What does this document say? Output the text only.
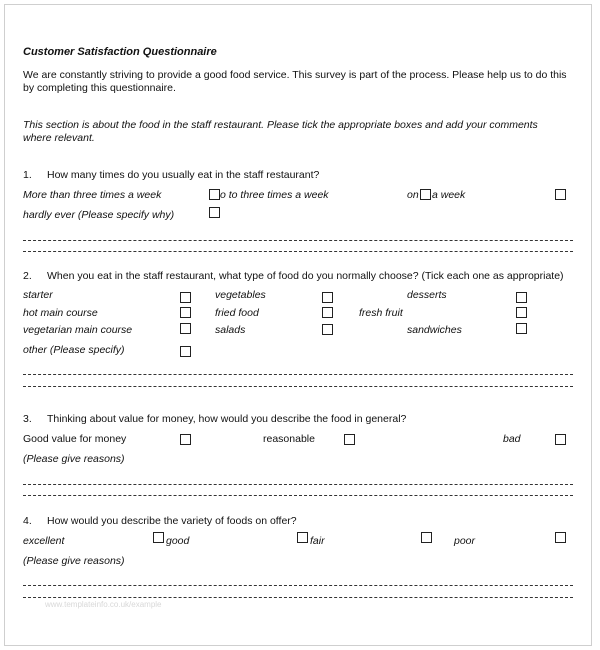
Customer Satisfaction Questionnaire
We are constantly striving to provide a good food service. This survey is part of the process. Please help us to do this by completing this questionnaire.
This section is about the food in the staff restaurant. Please tick the appropriate boxes and add your comments where relevant.
1. How many times do you usually eat in the staff restaurant?
More than three times a week	o to three times a week	on a week
hardly ever (Please specify why)
2. When you eat in the staff restaurant, what type of food do you normally choose? (Tick each one as appropriate)
starter	vegetables	desserts
hot main course	fried food	fresh fruit
vegetarian main course	salads	sandwiches
other (Please specify)
3. Thinking about value for money, how would you describe the food in general?
Good value for money	reasonable	bad
(Please give reasons)
4. How would you describe the variety of foods on offer?
excellent	good	fair	poor
(Please give reasons)
www.templateinfo.co.uk/example
